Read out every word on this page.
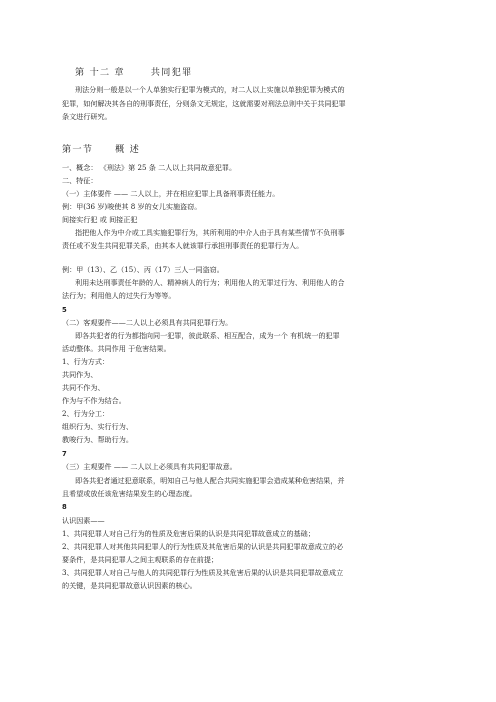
第 十二 章	共同犯罪
刑法分则一般是以一个人单独实行犯罪为模式的，对二人以上实施以单独犯罪为模式的
犯罪，如何解决其各自的刑事责任，分则条文无规定，这就需要对刑法总则中关于共同犯罪
条文进行研究。
第一节 概 述
一、概念： 《刑法》第 25 条 二人以上共同故意犯罪。
二、特征：
（一）主体要件 —— 二人以上，并在相应犯罪上具备刑事责任能力。
例：甲(36 岁)唆使其 8 岁的女儿实施盗窃。
间接实行犯 或 间接正犯
指把他人作为中介或工具实施犯罪行为，其所利用的中介人由于具有某些情节不负刑事
责任或不发生共同犯罪关系，由其本人就该罪行承担刑事责任的犯罪行为人。
例：甲（13）、乙（15）、丙（17）三人一同盗窃。
利用未达刑事责任年龄的人、精神病人的行为；利用他人的无罪过行为、利用他人的合
法行为；利用他人的过失行为等等。
5
（二）客观要件——二人以上必须具有共同犯罪行为。
即各共犯者的行为都指向同一犯罪，彼此联系、相互配合，成为一个 有机统一的犯罪
活动整体。共同作用 于危害结果。
1、行为方式：
共同作为、
共同不作为、
作为与不作为结合。
2、行为分工：
组织行为、实行行为、
教唆行为、帮助行为。
7
（三）主观要件 —— 二人以上必须具有共同犯罪故意。
即各共犯者通过犯意联系，明知自己与他人配合共同实施犯罪会造成某种危害结果，并
且希望或放任该危害结果发生的心理态度。
8
认识因素——
1、共同犯罪人对自己行为的性质及危害后果的认识是共同犯罪故意成立的基础；
2、共同犯罪人对其他共同犯罪人的行为性质及其危害后果的认识是共同犯罪故意成立的必
要条件，是共同犯罪人之间主观联系的存在前提；
3、共同犯罪人对自己与他人的共同犯罪行为性质及其危害后果的认识是共同犯罪故意成立
的关键，是共同犯罪故意认识因素的核心。
